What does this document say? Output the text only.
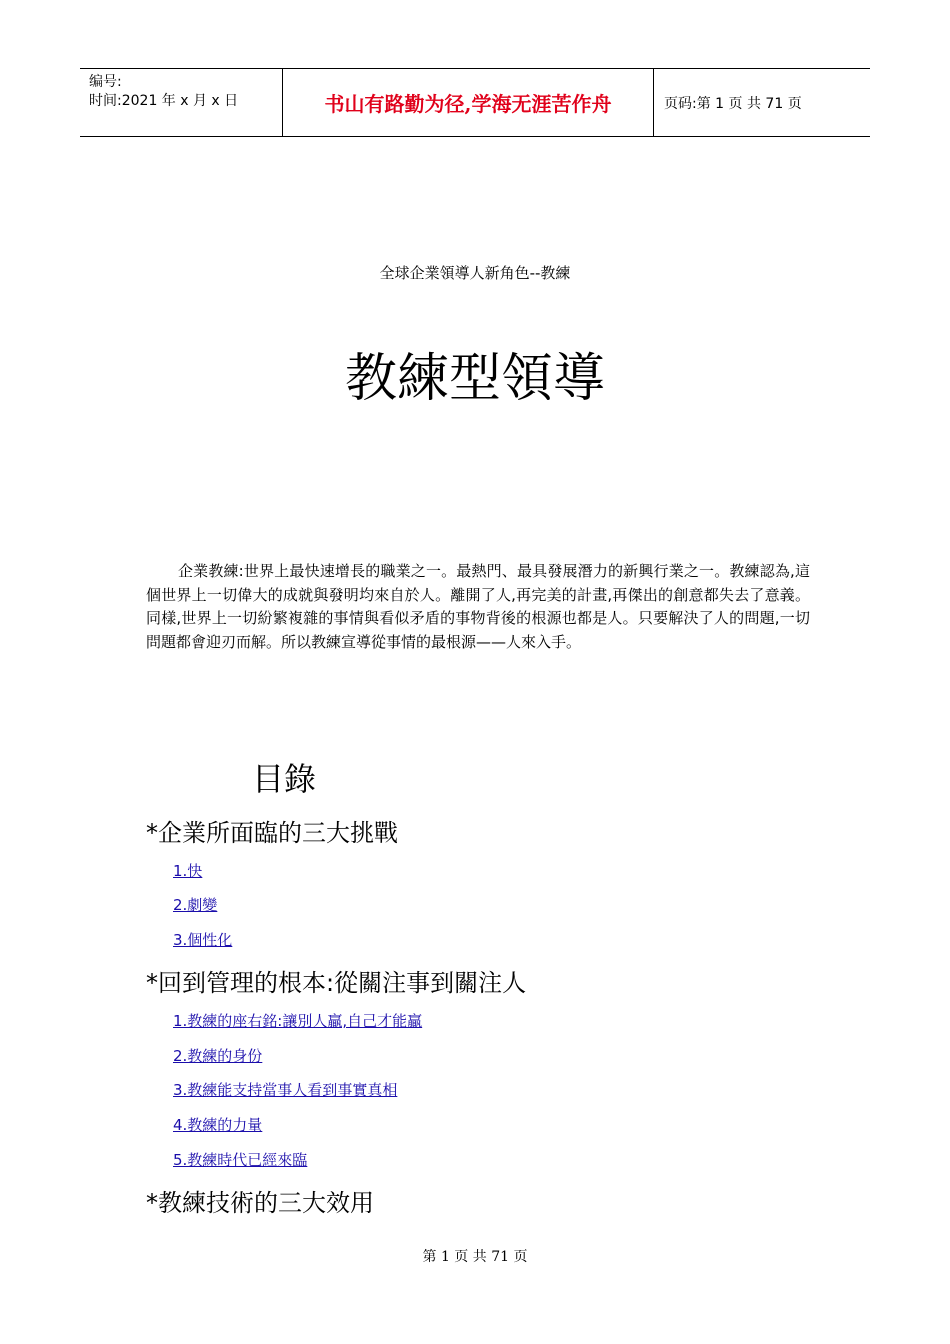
编号:
时间:2021 年 x 月 x 日	书山有路勤为径,学海无涯苦作舟	页码:第 1 页 共 71 页
全球企業領導人新角色--教練
教練型領導

企業教練:世界上最快速增長的職業之一。最熱門、最具發展潛力的新興行業之一。教練認為,這個世界上一切偉大的成就與發明均來自於人。離開了人,再完美的計畫,再傑出的創意都失去了意義。同樣,世界上一切紛繁複雜的事情與看似矛盾的事物背後的根源也都是人。只要解決了人的問題,一切問題都會迎刃而解。所以教練宣導從事情的最根源——人來入手。

目錄
*企業所面臨的三大挑戰
1.快
2.劇變
3.個性化
*回到管理的根本:從關注事到關注人
1.教練的座右銘:讓別人贏,自己才能贏
2.教練的身份
3.教練能支持當事人看到事實真相
4.教練的力量
5.教練時代已經來臨
*教練技術的三大效用
第 1 页 共 71 页
